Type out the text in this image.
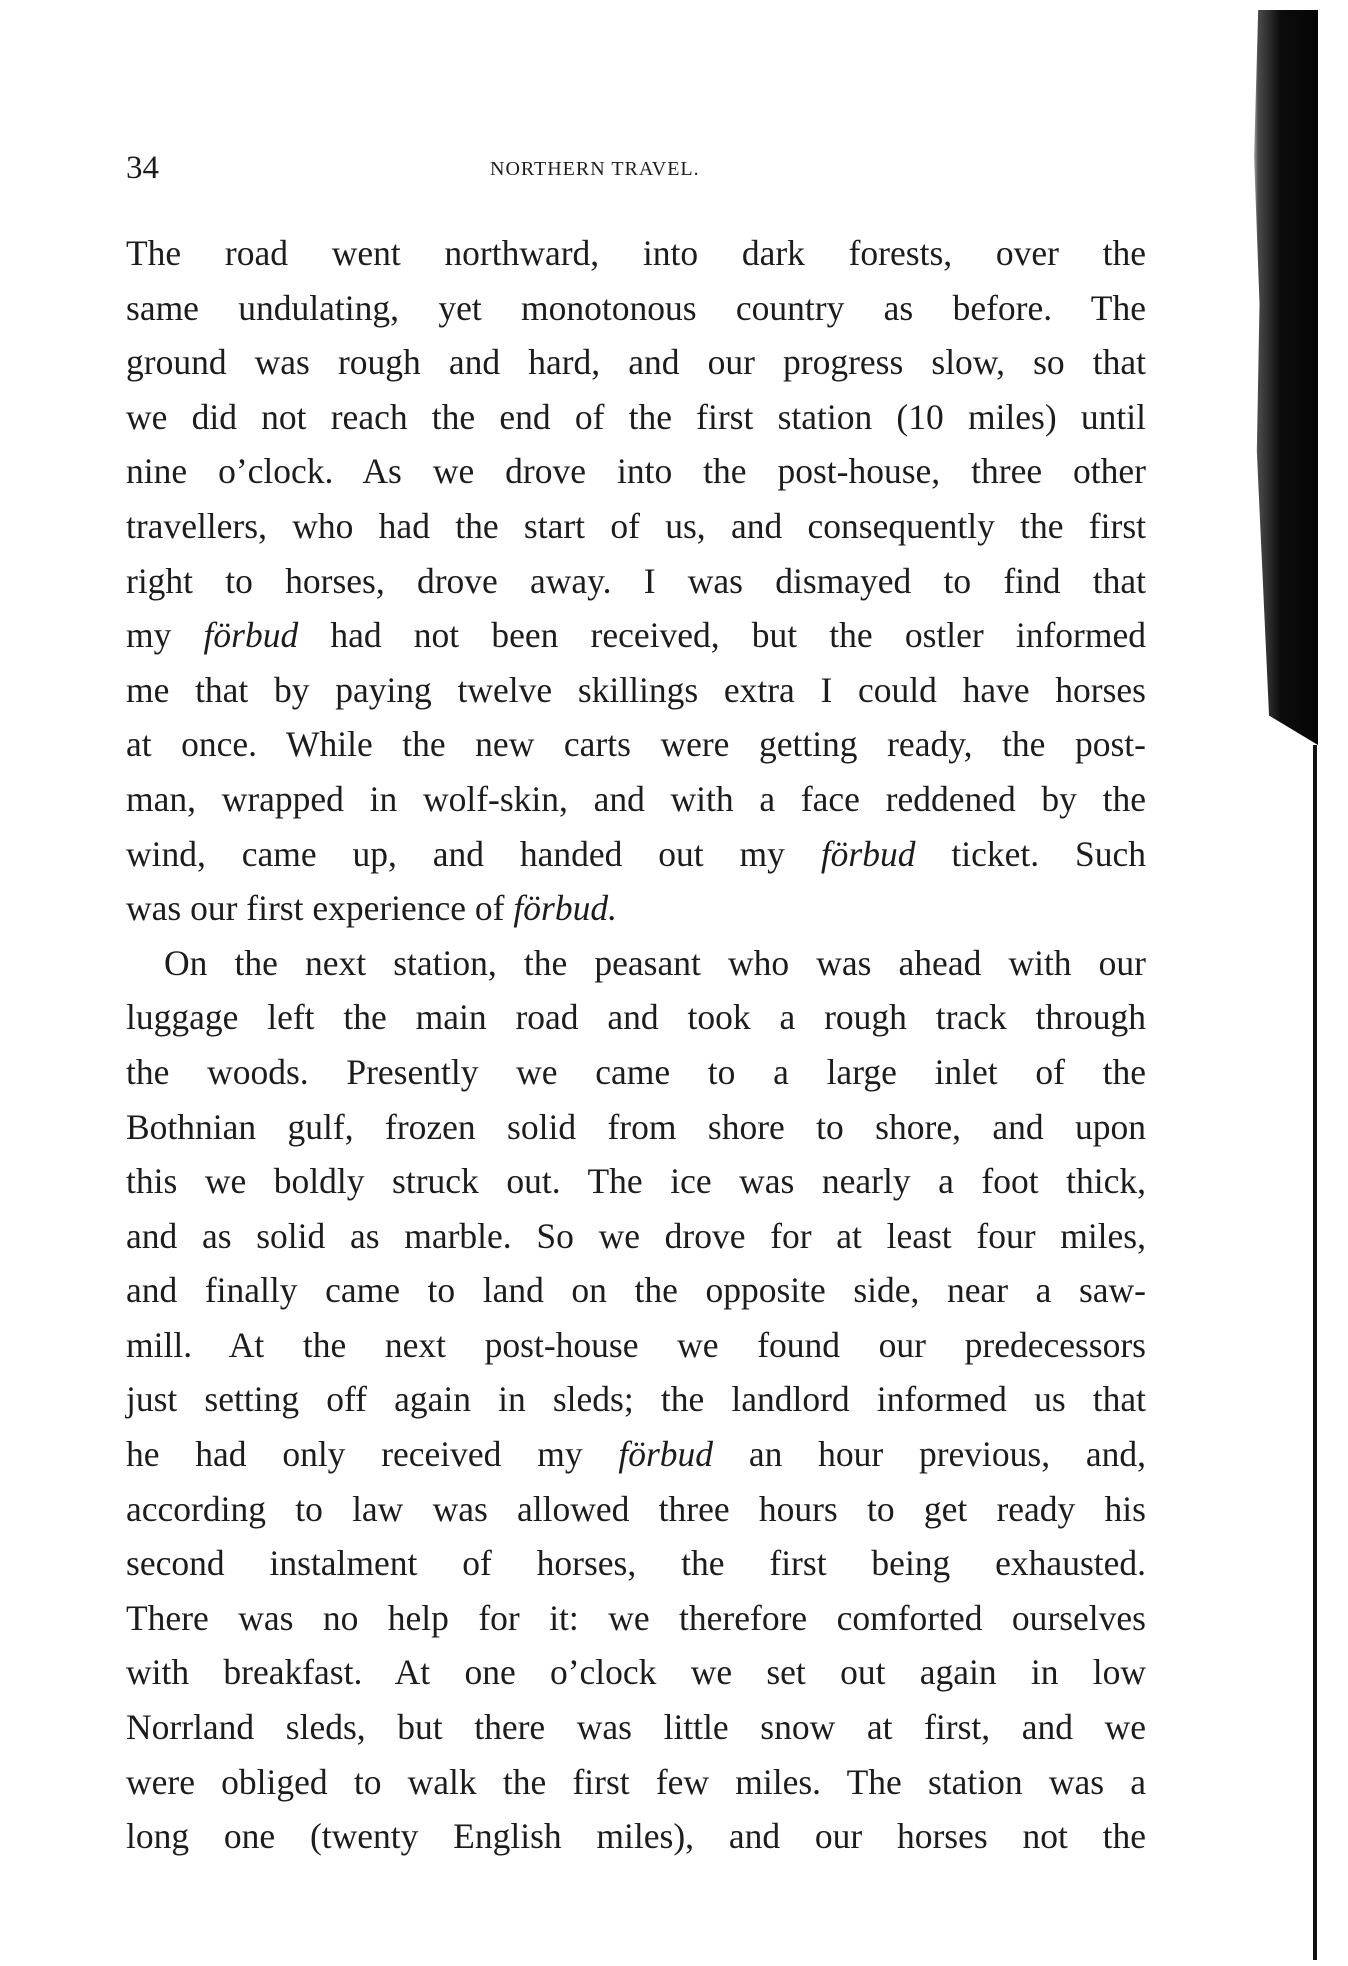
34	NORTHERN TRAVEL.
The road went northward, into dark forests, over the
same undulating, yet monotonous country as before. The
ground was rough and hard, and our progress slow, so that
we did not reach the end of the first station (10 miles) until
nine o’clock. As we drove into the post-house, three other
travellers, who had the start of us, and consequently the first
right to horses, drove away. I was dismayed to find that
my förbud had not been received, but the ostler informed
me that by paying twelve skillings extra I could have horses
at once. While the new carts were getting ready, the post-
man, wrapped in wolf-skin, and with a face reddened by the
wind, came up, and handed out my förbud ticket. Such
was our first experience of förbud.
On the next station, the peasant who was ahead with our
luggage left the main road and took a rough track through
the woods. Presently we came to a large inlet of the
Bothnian gulf, frozen solid from shore to shore, and upon
this we boldly struck out. The ice was nearly a foot thick,
and as solid as marble. So we drove for at least four miles,
and finally came to land on the opposite side, near a saw-
mill. At the next post-house we found our predecessors
just setting off again in sleds; the landlord informed us that
he had only received my förbud an hour previous, and,
according to law was allowed three hours to get ready his
second instalment of horses, the first being exhausted.
There was no help for it: we therefore comforted ourselves
with breakfast. At one o’clock we set out again in low
Norrland sleds, but there was little snow at first, and we
were obliged to walk the first few miles. The station was a
long one (twenty English miles), and our horses not the
